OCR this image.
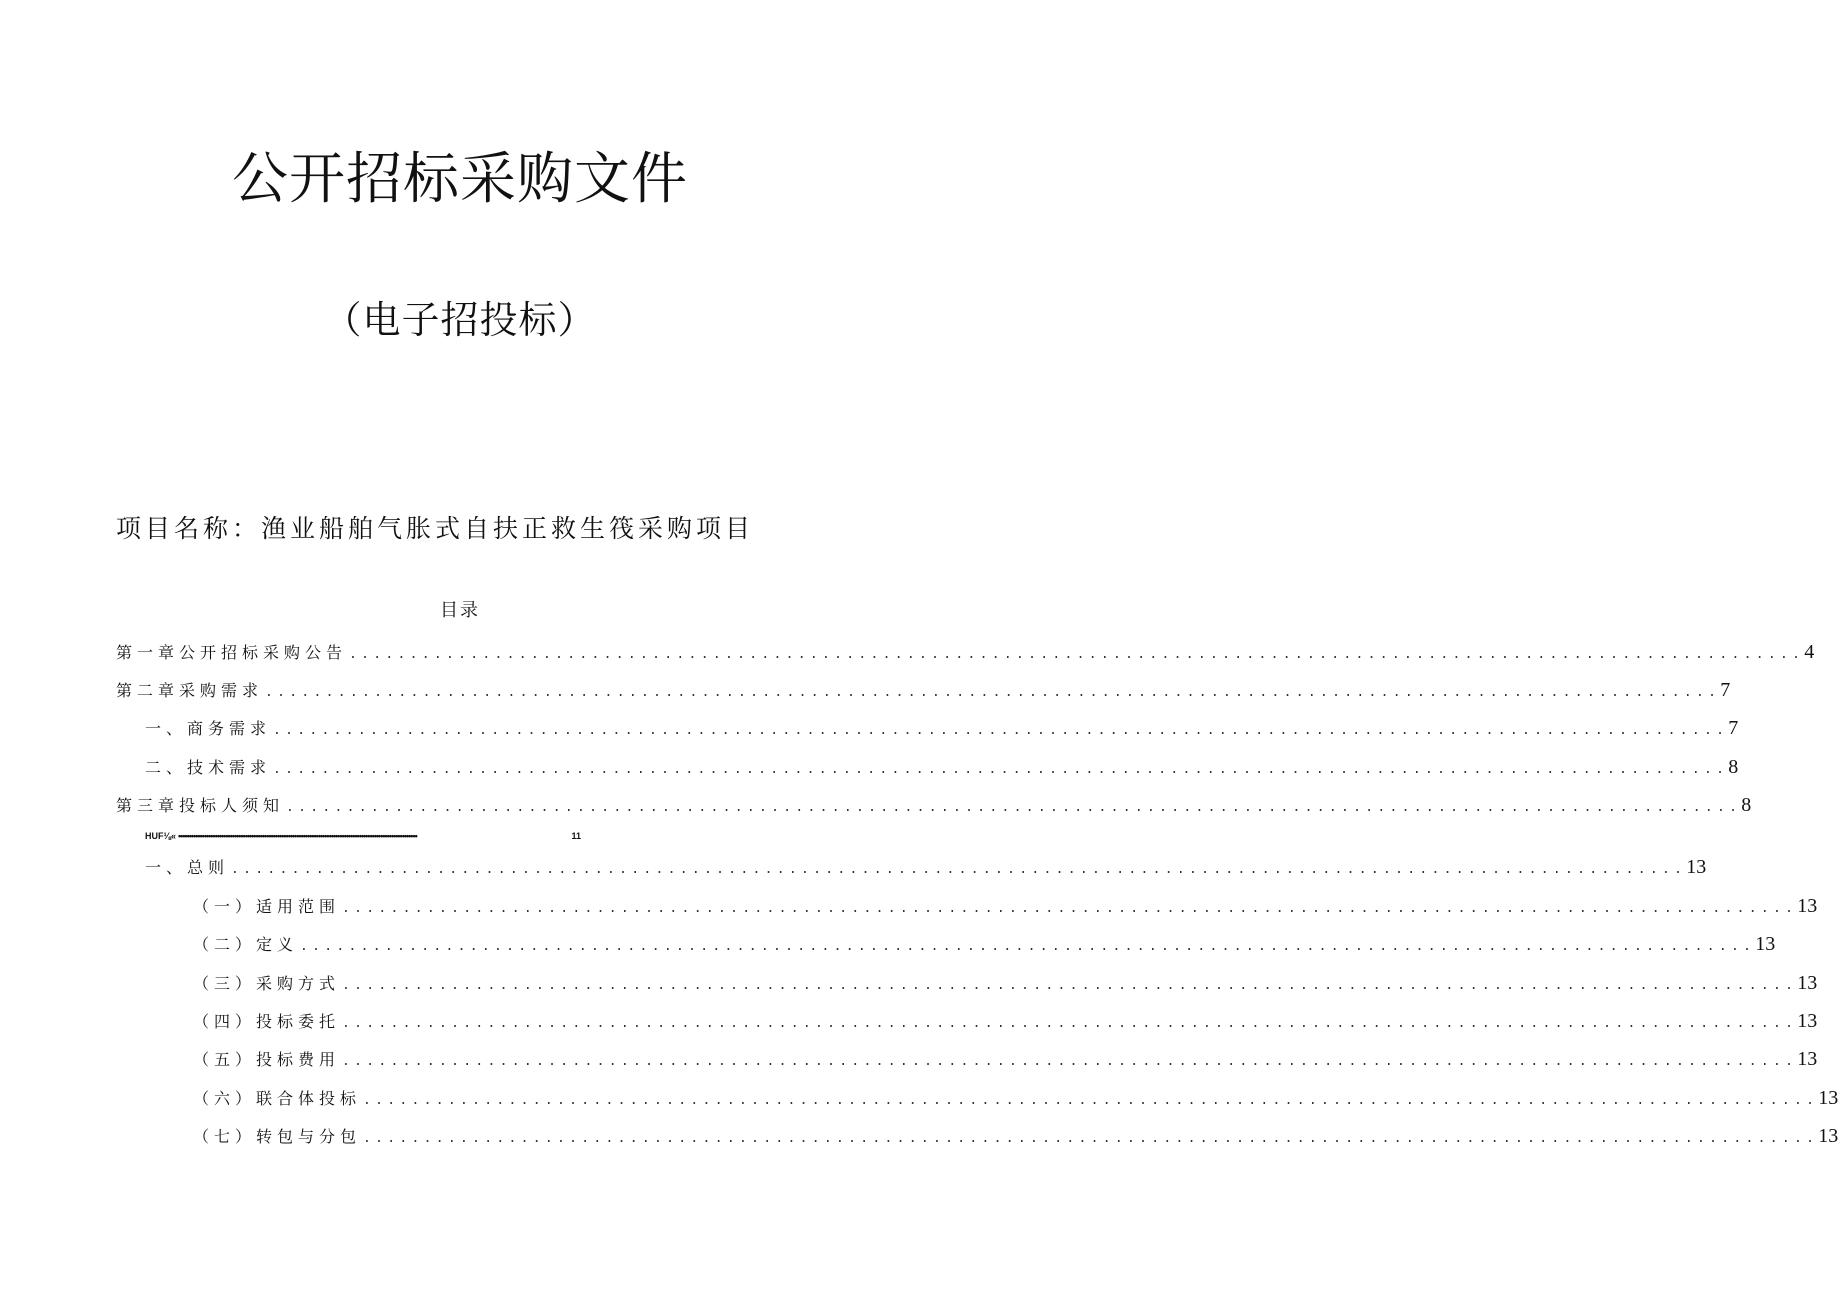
公开招标采购文件
（电子招投标）
项目名称：渔业船舶气胀式自扶正救生筏采购项目
目录
第一章公开招标采购公告 ........................................................................................................................ 4
第二章采购需求 ........................................................................................................................ 7
一、商务需求 ........................................................................................................................ 7
二、技术需求 ........................................................................................................................ 8
第三章投标人须知 ........................................................................................................................ 8
HUF⅛« •••••••••••••••••••••••••••••••••••••••••••••••••••••••••••••••••••••••••••••••••••••••••••••••••••••••••••••••	11
一、总则 ........................................................................................................................ 13
（一）适用范围 ........................................................................................................................ 13
（二）定义 ........................................................................................................................ 13
（三）采购方式 ........................................................................................................................ 13
（四）投标委托 ........................................................................................................................ 13
（五）投标费用 ........................................................................................................................ 13
（六）联合体投标 ........................................................................................................................ 13
（七）转包与分包 ........................................................................................................................ 13
